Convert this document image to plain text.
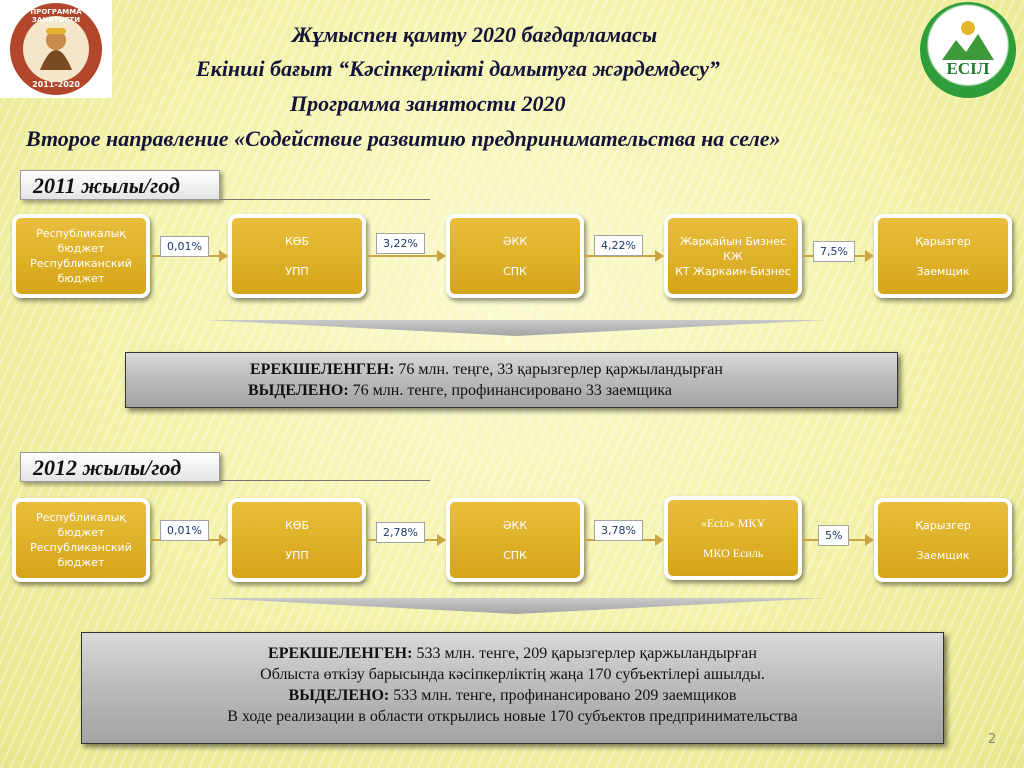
ПРОГРАММА ЗАНЯТОСТИ
2011-2020
ЕСІЛ
Жұмыспен қамту 2020 бағдарламасы
Екінші бағыт “Кәсіпкерлікті дамытуға жәрдемдесу”
Программа занятости 2020
Второе направление «Содействие развитию предпринимательства на селе»
2011 жылы/год
Республикалық бюджет
Республиканский бюджет
КӨБ
УПП
ӘКК
СПК
Жарқайын Бизнес КЖ
КТ Жаркаин-Бизнес
Қарызгер
Заемщик
0,01%	3,22%	4,22%	7,5%
ЕРЕКШЕЛЕНГЕН: 76 млн. теңге, 33 қарызгерлер қаржыландырған
ВЫДЕЛЕНО: 76 млн. тенге, профинансировано 33 заемщика
2012 жылы/год
Республикалық бюджет
Республиканский бюджет
КӨБ
УПП
ӘКК
СПК
«Есіл» МКҰ
МКО Есиль
Қарызгер
Заемщик
0,01%	2,78%	3,78%	5%
ЕРЕКШЕЛЕНГЕН: 533 млн. тенге, 209 қарызгерлер қаржыландырған
Облыста өткізу барысында кәсіпкерліктің жаңа 170 субъектілері ашылды.
ВЫДЕЛЕНО: 533 млн. тенге, профинансировано 209 заемщиков
В ходе реализации в области открылись новые 170 субъектов предпринимательства
2
